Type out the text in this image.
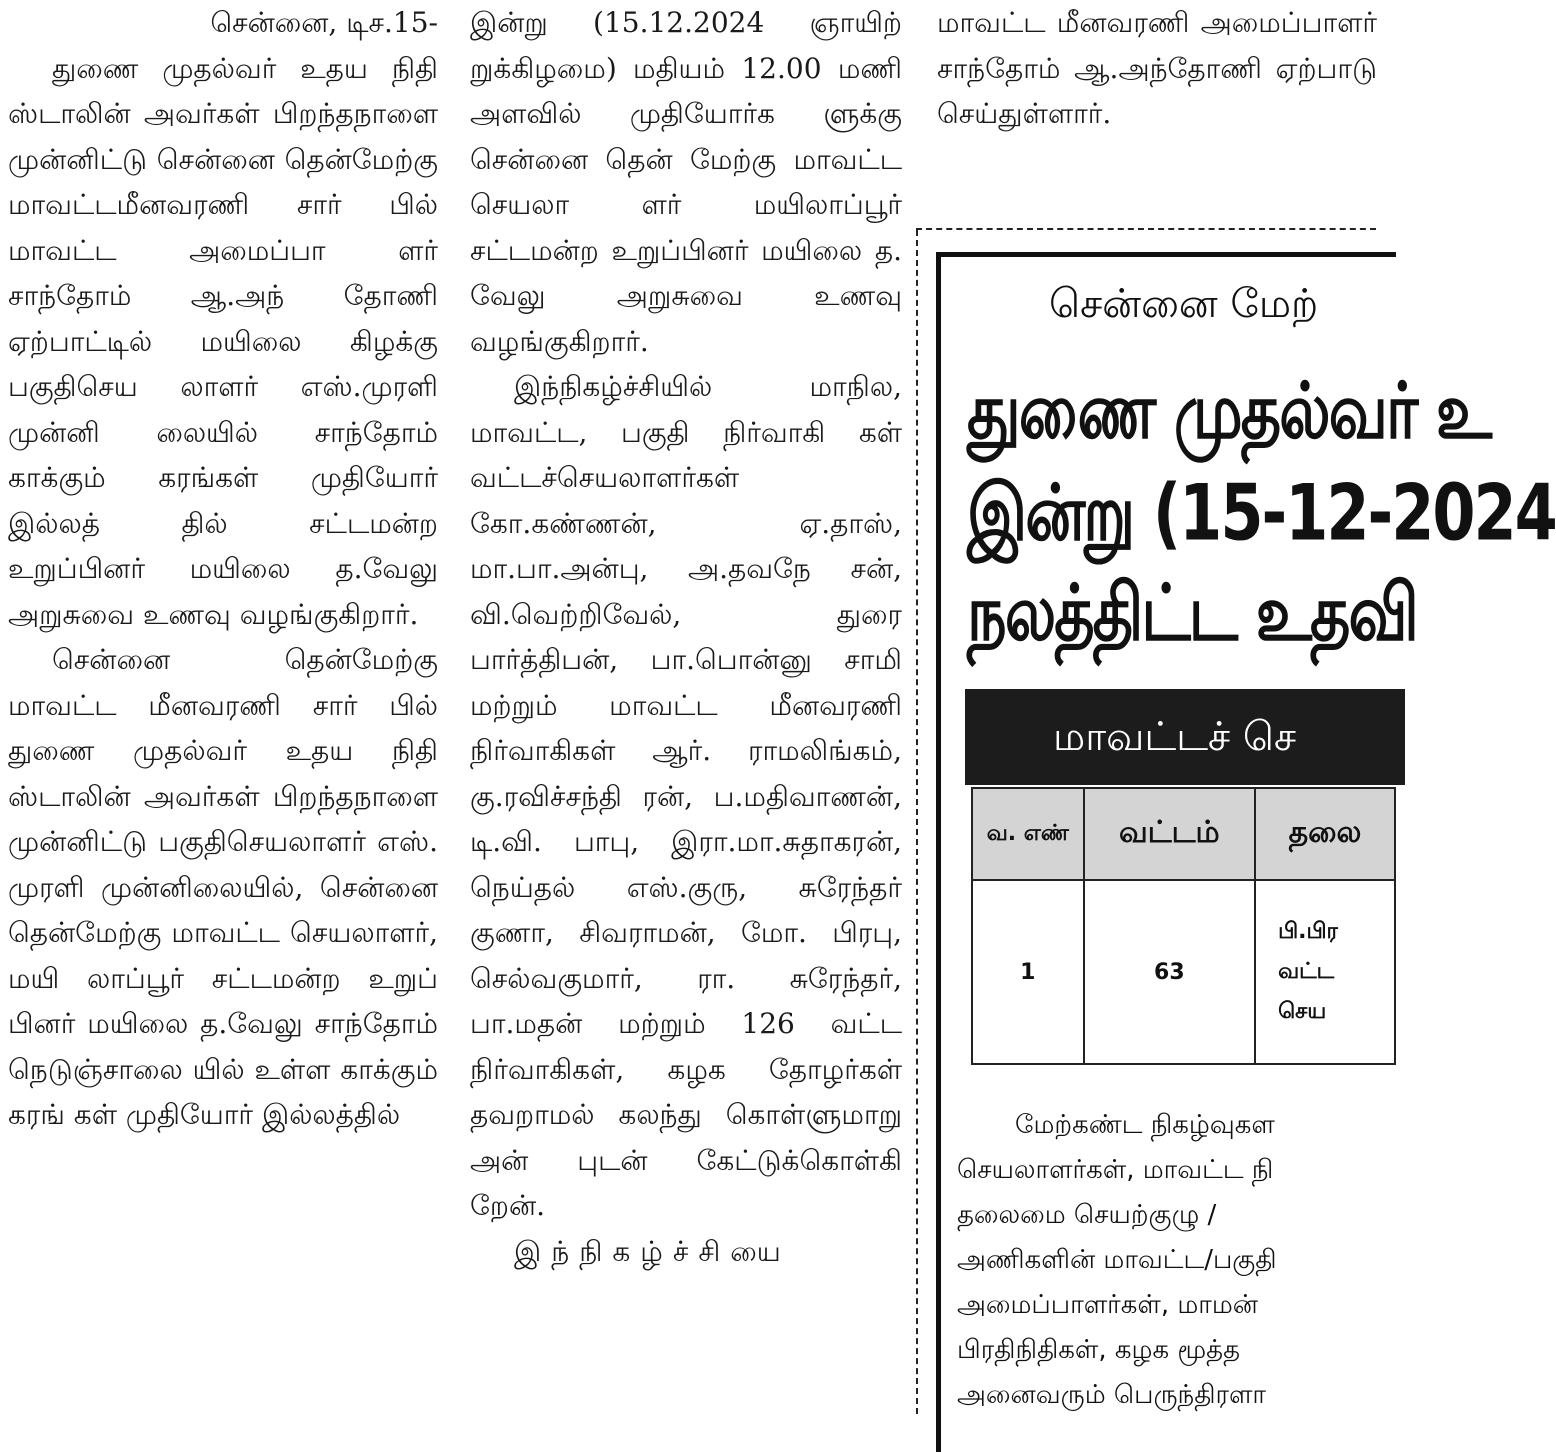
சென்னை, டிச.15-

துணை முதல்வர் உதய நிதி ஸ்டாலின் அவர்கள் பிறந்தநாளை முன்னிட்டு சென்னை தென்மேற்கு மாவட்டமீனவரணி சார் பில் மாவட்ட அமைப்பா ளர் சாந்தோம் ஆ.அந் தோணி ஏற்பாட்டில் மயிலை கிழக்கு பகுதிசெய லாளர் எஸ்.முரளி முன்னி லையில் சாந்தோம் காக்கும் கரங்கள் முதியோர் இல்லத் தில் சட்டமன்ற உறுப்பினர் மயிலை த.வேலு அறுசுவை உணவு வழங்குகிறார்.

சென்னை தென்மேற்கு மாவட்ட மீனவரணி சார் பில் துணை முதல்வர் உதய நிதி ஸ்டாலின் அவர்கள் பிறந்தநாளை முன்னிட்டு பகுதிசெயலாளர் எஸ். முரளி முன்னிலையில், சென்னை தென்மேற்கு மாவட்ட செயலாளர், மயி லாப்பூர் சட்டமன்ற உறுப் பினர் மயிலை த.வேலு சாந்தோம் நெடுஞ்சாலை யில் உள்ள காக்கும் கரங் கள் முதியோர் இல்லத்தில்

இன்று (15.12.2024 ஞாயிற் றுக்கிழமை) மதியம் 12.00 மணி அளவில் முதியோர்க ளுக்கு சென்னை தென் மேற்கு மாவட்ட செயலா ளர் மயிலாப்பூர் சட்டமன்ற உறுப்பினர் மயிலை த. வேலு அறுசுவை உணவு வழங்குகிறார்.

இந்நிகழ்ச்சியில் மாநில, மாவட்ட, பகுதி நிர்வாகி கள் வட்டச்செயலாளர்கள் கோ.கண்ணன், ஏ.தாஸ், மா.பா.அன்பு, அ.தவநே சன், வி.வெற்றிவேல், துரை பார்த்திபன், பா.பொன்னு சாமி மற்றும் மாவட்ட மீனவரணி நிர்வாகிகள் ஆர். ராமலிங்கம், கு.ரவிச்சந்தி ரன், ப.மதிவாணன், டி.வி. பாபு, இரா.மா.சுதாகரன், நெய்தல் எஸ்.குரு, சுரேந்தர் குணா, சிவராமன், மோ. பிரபு, செல்வகுமார், ரா. சுரேந்தர், பா.மதன் மற்றும் 126 வட்ட நிர்வாகிகள், கழக தோழர்கள் தவறாமல் கலந்து கொள்ளுமாறு அன் புடன் கேட்டுக்கொள்கி றேன்.

இந்நிகழ்ச்சியை

மாவட்ட மீனவரணி அமைப்பாளர் சாந்தோம் ஆ.அந்தோணி ஏற்பாடு செய்துள்ளார்.

சென்னை மேற்
துணை முதல்வர் உ
இன்று (15-12-2024
நலத்திட்ட உதவி
மாவட்டச் செ
வ. எண்	வட்டம்	தலை
1	63	பி.பிர
வட்ட
செய
மேற்கண்ட நிகழ்வுகள
செயலாளர்கள், மாவட்ட நி
தலைமை செயற்குழு /
அணிகளின் மாவட்ட/பகுதி
அமைப்பாளர்கள், மாமன்
பிரதிநிதிகள், கழக மூத்த
அனைவரும் பெருந்திரளா
